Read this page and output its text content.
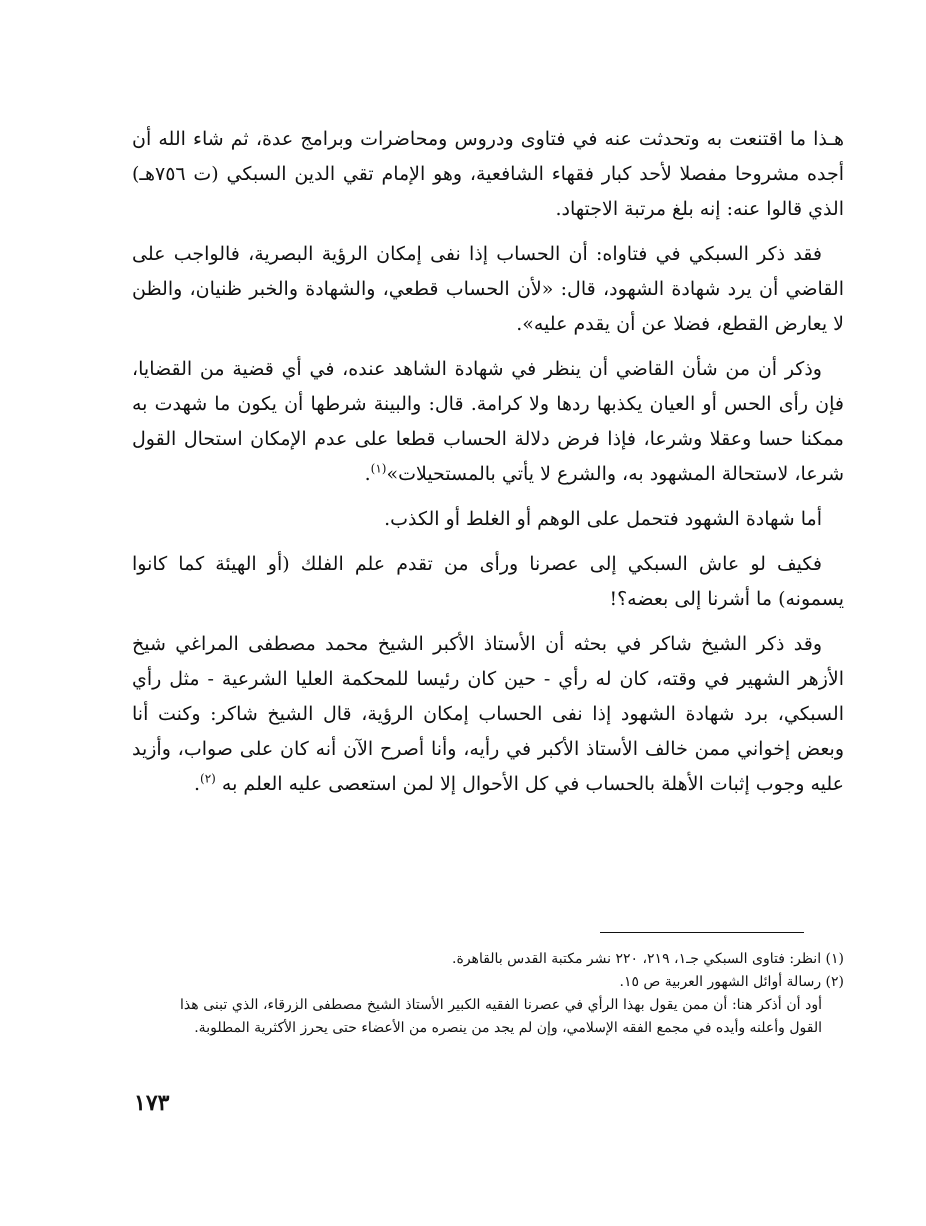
هـذا ما اقتنعت به وتحدثت عنه في فتاوى ودروس ومحاضرات وبرامج عدة، ثم شاء الله أن أجده مشروحا مفصلا لأحد كبار فقهاء الشافعية، وهو الإمام تقي الدين السبكي (ت ٧٥٦هـ) الذي قالوا عنه: إنه بلغ مرتبة الاجتهاد.

فقد ذكر السبكي في فتاواه: أن الحساب إذا نفى إمكان الرؤية البصرية، فالواجب على القاضي أن يرد شهادة الشهود، قال: «لأن الحساب قطعي، والشهادة والخبر ظنيان، والظن لا يعارض القطع، فضلا عن أن يقدم عليه».

وذكر أن من شأن القاضي أن ينظر في شهادة الشاهد عنده، في أي قضية من القضايا، فإن رأى الحس أو العيان يكذبها ردها ولا كرامة. قال: والبينة شرطها أن يكون ما شهدت به ممكنا حسا وعقلا وشرعا، فإذا فرض دلالة الحساب قطعا على عدم الإمكان استحال القول شرعا، لاستحالة المشهود به، والشرع لا يأتي بالمستحيلات»$^{(١)}$.

أما شهادة الشهود فتحمل على الوهم أو الغلط أو الكذب.

فكيف لو عاش السبكي إلى عصرنا ورأى من تقدم علم الفلك (أو الهيئة كما كانوا يسمونه) ما أشرنا إلى بعضه؟!

وقد ذكر الشيخ شاكر في بحثه أن الأستاذ الأكبر الشيخ محمد مصطفى المراغي شيخ الأزهر الشهير في وقته، كان له رأي - حين كان رئيسا للمحكمة العليا الشرعية - مثل رأي السبكي، برد شهادة الشهود إذا نفى الحساب إمكان الرؤية، قال الشيخ شاكر: وكنت أنا وبعض إخواني ممن خالف الأستاذ الأكبر في رأيه، وأنا أصرح الآن أنه كان على صواب، وأزيد عليه وجوب إثبات الأهلة بالحساب في كل الأحوال إلا لمن استعصى عليه العلم به $^{(٢)}$.

(١) انظر: فتاوى السبكي جـ١، ٢١٩، ٢٢٠ نشر مكتبة القدس بالقاهرة.

(٢) رسالة أوائل الشهور العربية ص ١٥.

أود أن أذكر هنا: أن ممن يقول بهذا الرأي في عصرنا الفقيه الكبير الأستاذ الشيخ مصطفى الزرقاء، الذي تبنى هذا القول وأعلنه وأيده في مجمع الفقه الإسلامي، وإن لم يجد من ينصره من الأعضاء حتى يحرز الأكثرية المطلوبة.

١٧٣
